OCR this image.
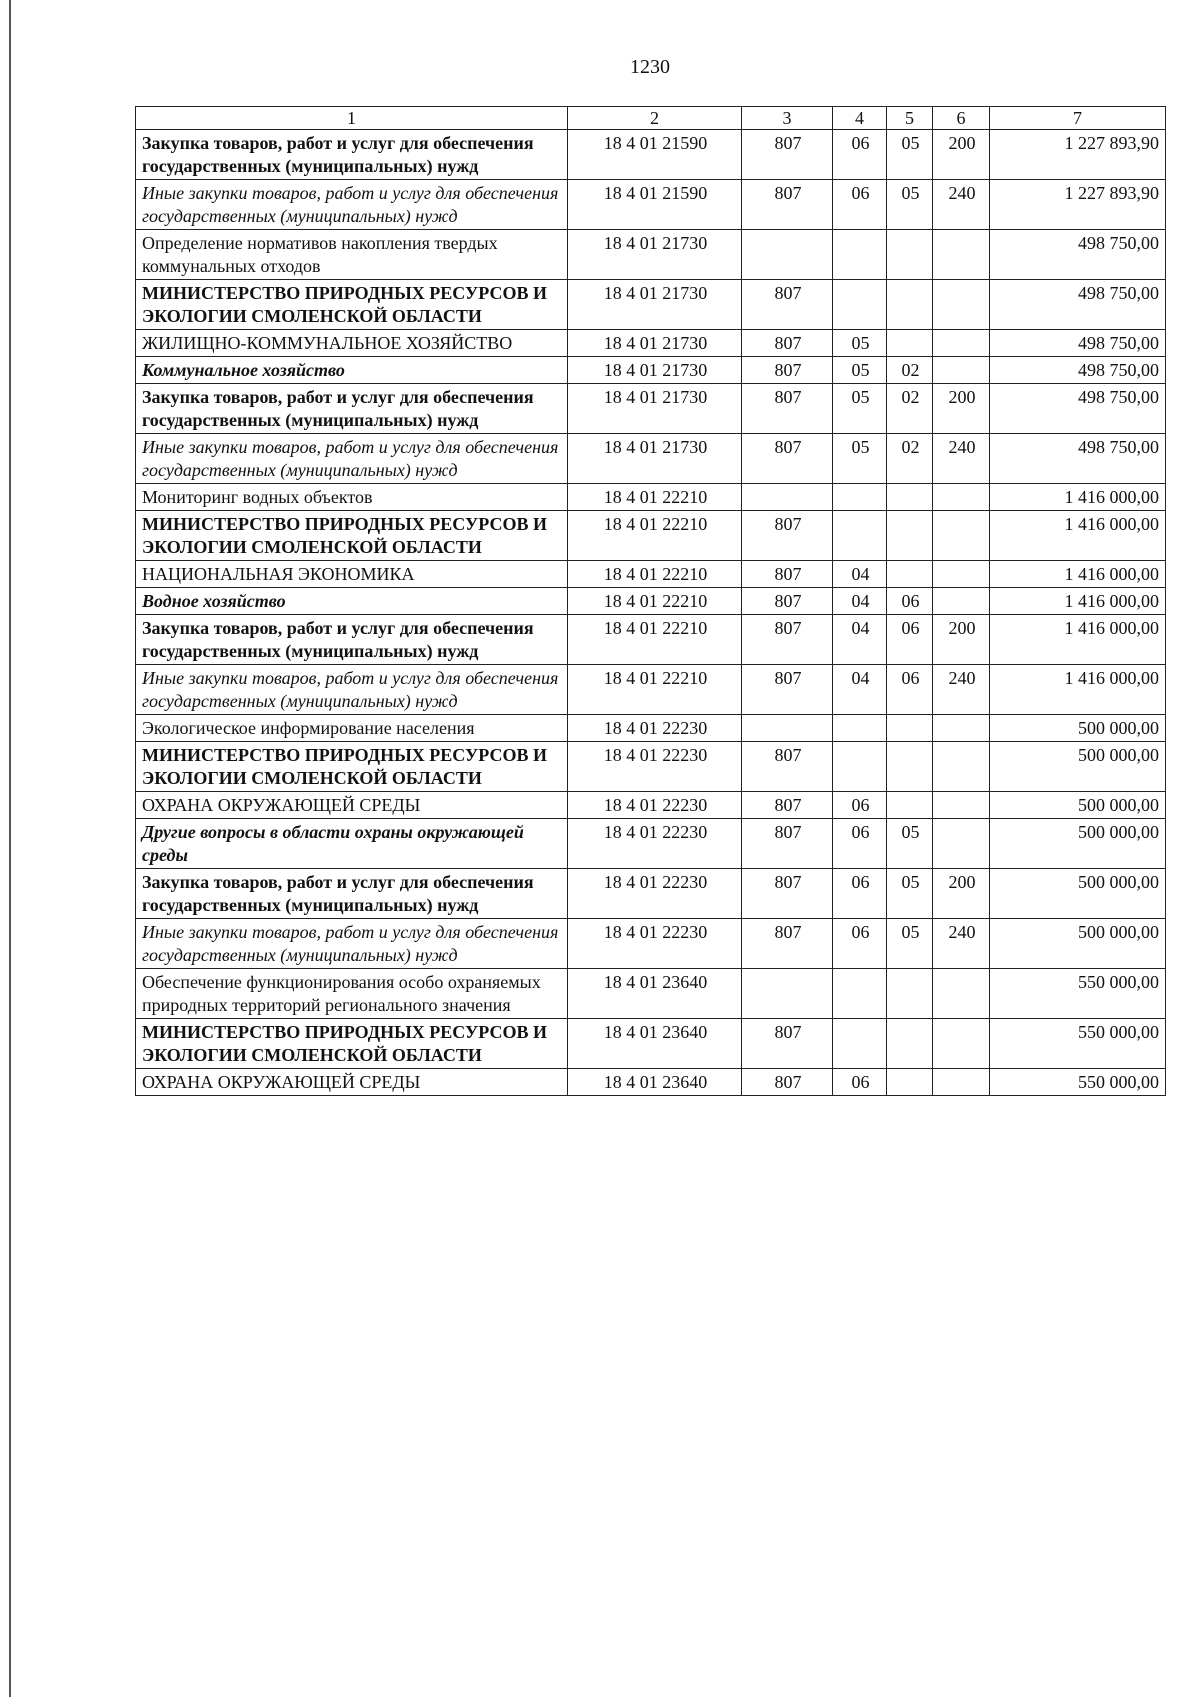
1230
1	2	3	4	5	6	7
Закупка товаров, работ и услуг для обеспечения государственных (муниципальных) нужд	18 4 01 21590	807	06	05	200	1 227 893,90
Иные закупки товаров, работ и услуг для обеспечения государственных (муниципальных) нужд	18 4 01 21590	807	06	05	240	1 227 893,90
Определение нормативов накопления твердых коммунальных отходов	18 4 01 21730					498 750,00
МИНИСТЕРСТВО ПРИРОДНЫХ РЕСУРСОВ И ЭКОЛОГИИ СМОЛЕНСКОЙ ОБЛАСТИ	18 4 01 21730	807				498 750,00
ЖИЛИЩНО-КОММУНАЛЬНОЕ ХОЗЯЙСТВО	18 4 01 21730	807	05			498 750,00
Коммунальное хозяйство	18 4 01 21730	807	05	02		498 750,00
Закупка товаров, работ и услуг для обеспечения государственных (муниципальных) нужд	18 4 01 21730	807	05	02	200	498 750,00
Иные закупки товаров, работ и услуг для обеспечения государственных (муниципальных) нужд	18 4 01 21730	807	05	02	240	498 750,00
Мониторинг водных объектов	18 4 01 22210					1 416 000,00
МИНИСТЕРСТВО ПРИРОДНЫХ РЕСУРСОВ И ЭКОЛОГИИ СМОЛЕНСКОЙ ОБЛАСТИ	18 4 01 22210	807				1 416 000,00
НАЦИОНАЛЬНАЯ ЭКОНОМИКА	18 4 01 22210	807	04			1 416 000,00
Водное хозяйство	18 4 01 22210	807	04	06		1 416 000,00
Закупка товаров, работ и услуг для обеспечения государственных (муниципальных) нужд	18 4 01 22210	807	04	06	200	1 416 000,00
Иные закупки товаров, работ и услуг для обеспечения государственных (муниципальных) нужд	18 4 01 22210	807	04	06	240	1 416 000,00
Экологическое информирование населения	18 4 01 22230					500 000,00
МИНИСТЕРСТВО ПРИРОДНЫХ РЕСУРСОВ И ЭКОЛОГИИ СМОЛЕНСКОЙ ОБЛАСТИ	18 4 01 22230	807				500 000,00
ОХРАНА ОКРУЖАЮЩЕЙ СРЕДЫ	18 4 01 22230	807	06			500 000,00
Другие вопросы в области охраны окружающей среды	18 4 01 22230	807	06	05		500 000,00
Закупка товаров, работ и услуг для обеспечения государственных (муниципальных) нужд	18 4 01 22230	807	06	05	200	500 000,00
Иные закупки товаров, работ и услуг для обеспечения государственных (муниципальных) нужд	18 4 01 22230	807	06	05	240	500 000,00
Обеспечение функционирования особо охраняемых природных территорий регионального значения	18 4 01 23640					550 000,00
МИНИСТЕРСТВО ПРИРОДНЫХ РЕСУРСОВ И ЭКОЛОГИИ СМОЛЕНСКОЙ ОБЛАСТИ	18 4 01 23640	807				550 000,00
ОХРАНА ОКРУЖАЮЩЕЙ СРЕДЫ	18 4 01 23640	807	06			550 000,00
